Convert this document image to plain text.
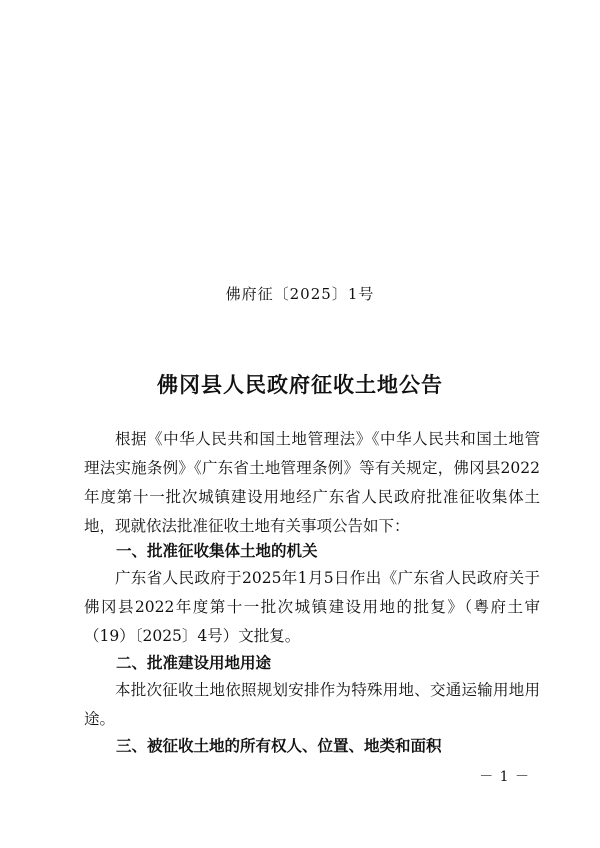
佛府征〔2025〕1号
佛冈县人民政府征收土地公告

根据《中华人民共和国土地管理法》《中华人民共和国土地管理法实施条例》《广东省土地管理条例》等有关规定，佛冈县2022年度第十一批次城镇建设用地经广东省人民政府批准征收集体土地，现就依法批准征收土地有关事项公告如下：

一、批准征收集体土地的机关

广东省人民政府于2025年1月5日作出《广东省人民政府关于佛冈县2022年度第十一批次城镇建设用地的批复》（粤府土审（19）〔2025〕4号）文批复。

二、批准建设用地用途

本批次征收土地依照规划安排作为特殊用地、交通运输用地用途。

三、被征收土地的所有权人、位置、地类和面积
－ 1 －
